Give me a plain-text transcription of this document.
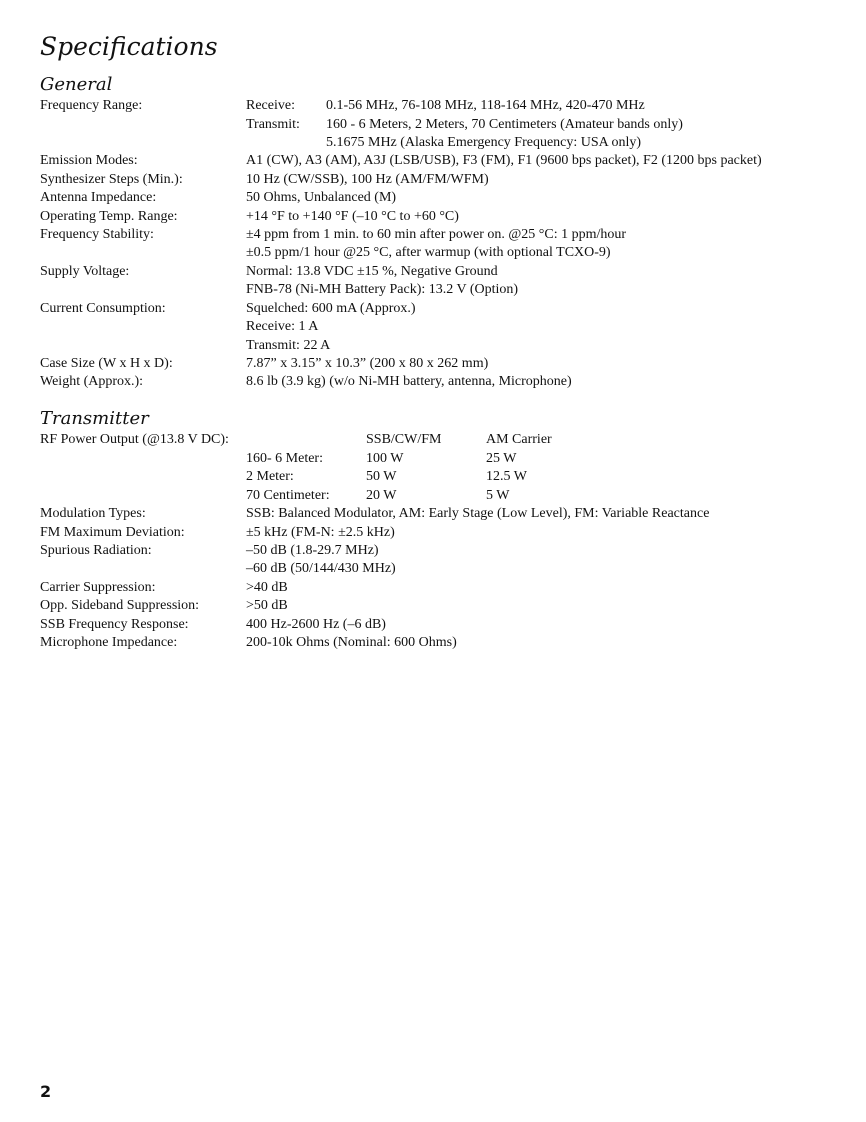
Specifications
General
Frequency Range:	Receive: 0.1-56 MHz, 76-108 MHz, 118-164 MHz, 420-470 MHz
Transmit: 160 - 6 Meters, 2 Meters, 70 Centimeters (Amateur bands only)
5.1675 MHz (Alaska Emergency Frequency: USA only)
Emission Modes:	A1 (CW), A3 (AM), A3J (LSB/USB), F3 (FM), F1 (9600 bps packet), F2 (1200 bps packet)
Synthesizer Steps (Min.):	10 Hz (CW/SSB), 100 Hz (AM/FM/WFM)
Antenna Impedance:	50 Ohms, Unbalanced (M)
Operating Temp. Range:	+14 °F to +140 °F (–10 °C to +60 °C)
Frequency Stability:	±4 ppm from 1 min. to 60 min after power on. @25 °C: 1 ppm/hour
±0.5 ppm/1 hour @25 °C, after warmup (with optional TCXO-9)
Supply Voltage:	Normal: 13.8 VDC ±15 %, Negative Ground
FNB-78 (Ni-MH Battery Pack): 13.2 V (Option)
Current Consumption:	Squelched: 600 mA (Approx.)
Receive: 1 A
Transmit: 22 A
Case Size (W x H x D):	7.87” x 3.15” x 10.3” (200 x 80 x 262 mm)
Weight (Approx.):	8.6 lb (3.9 kg) (w/o Ni-MH battery, antenna, Microphone)
Transmitter
RF Power Output (@13.8 V DC):	SSB/CW/FM	AM Carrier
160- 6 Meter:	100 W	25 W
2 Meter:	50 W	12.5 W
70 Centimeter:	20 W	5 W
Modulation Types:	SSB: Balanced Modulator, AM: Early Stage (Low Level), FM: Variable Reactance
FM Maximum Deviation:	±5 kHz (FM-N: ±2.5 kHz)
Spurious Radiation:	–50 dB (1.8-29.7 MHz)
–60 dB (50/144/430 MHz)
Carrier Suppression:	>40 dB
Opp. Sideband Suppression:	>50 dB
SSB Frequency Response:	400 Hz-2600 Hz (–6 dB)
Microphone Impedance:	200-10k Ohms (Nominal: 600 Ohms)
2
